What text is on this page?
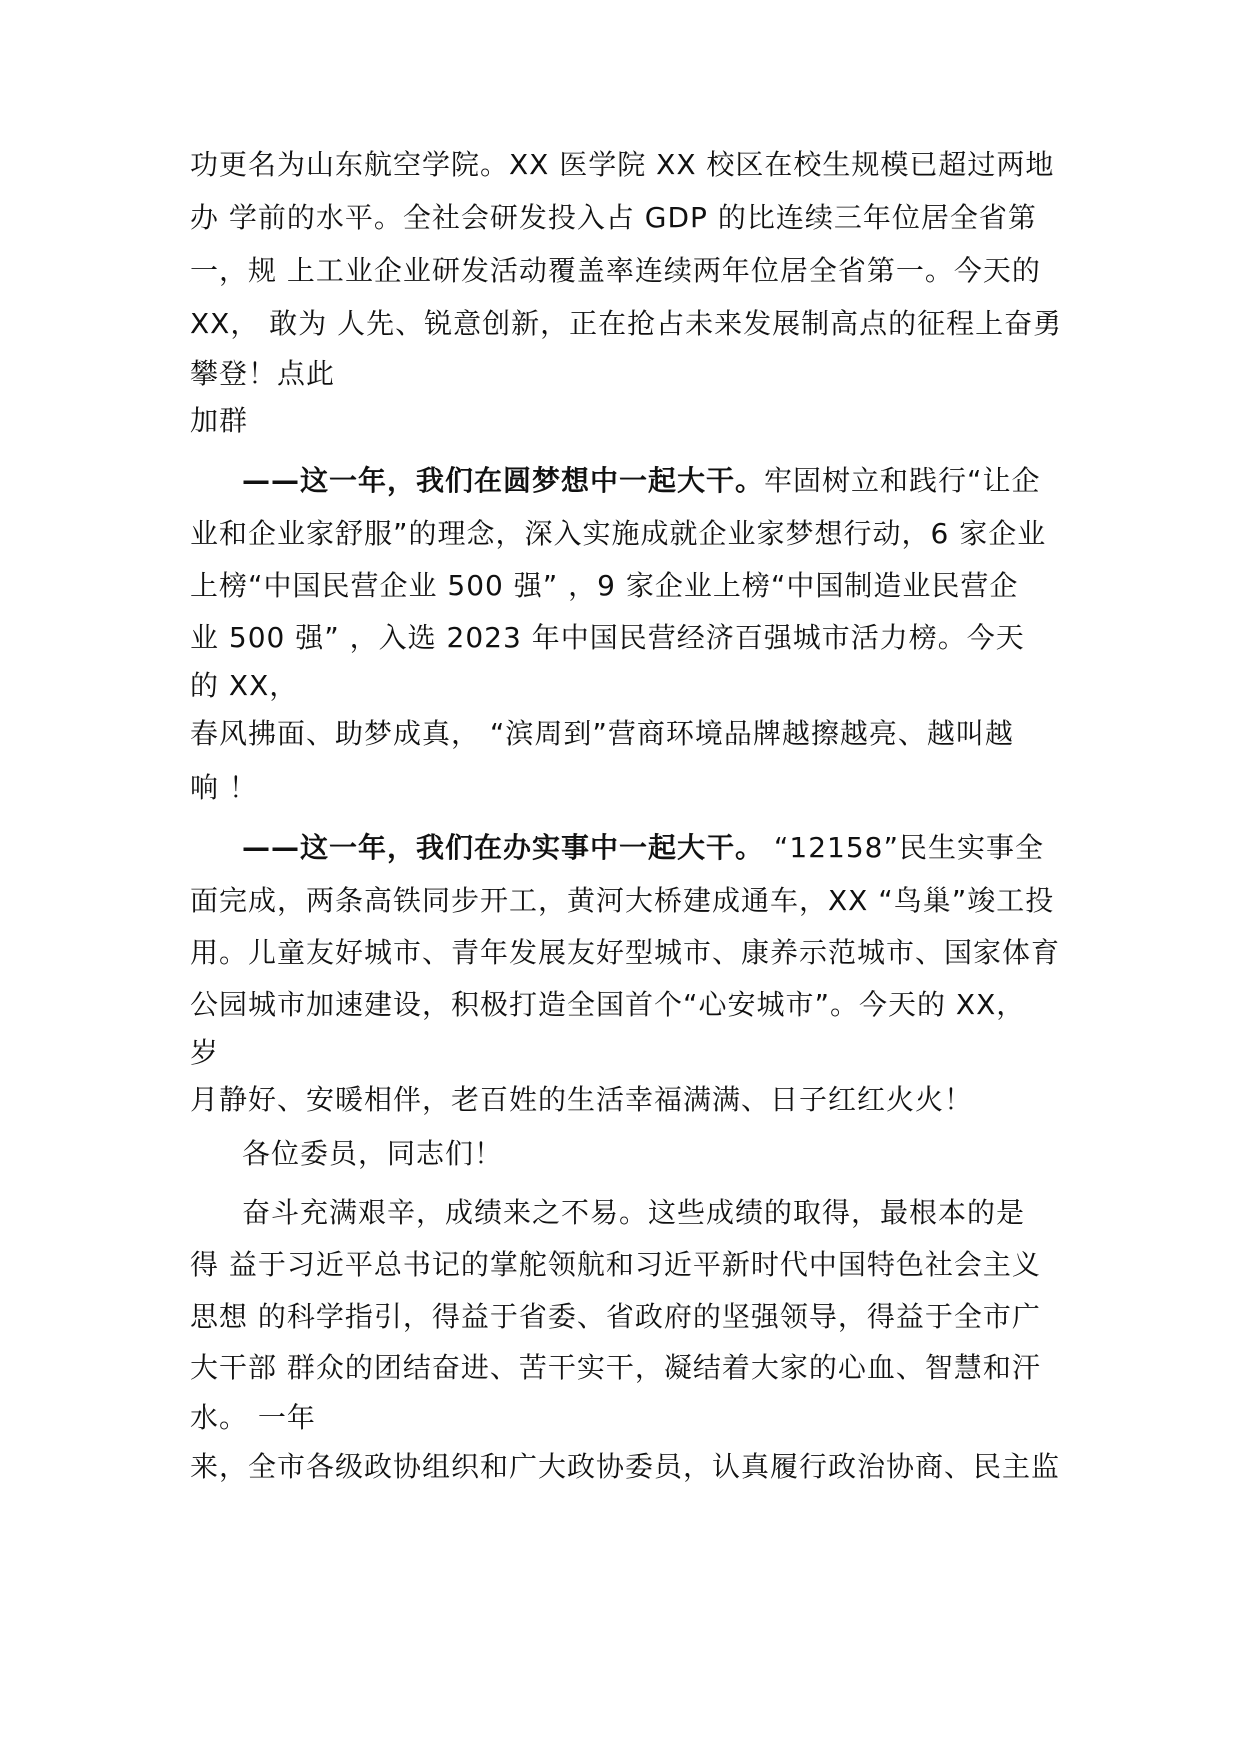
功更名为山东航空学院。XX 医学院 XX 校区在校生规模已超过两地
办 学前的水平。全社会研发投入占 GDP 的比连续三年位居全省第
一，规 上工业企业研发活动覆盖率连续两年位居全省第一。今天的
XX， 敢为 人先、锐意创新，正在抢占未来发展制高点的征程上奋勇
攀登！点此
加群
——这一年，我们在圆梦想中一起大干。牢固树立和践行“让企
业和企业家舒服”的理念，深入实施成就企业家梦想行动，6 家企业
上榜“中国民营企业 500 强” ，9 家企业上榜“中国制造业民营企
业 500 强” ，入选 2023 年中国民营经济百强城市活力榜。今天
的 XX，
春风拂面、助梦成真， “滨周到”营商环境品牌越擦越亮、越叫越
响 ！
——这一年，我们在办实事中一起大干。 “12158”民生实事全
面完成，两条高铁同步开工，黄河大桥建成通车，XX “鸟巢”竣工投
用。儿童友好城市、青年发展友好型城市、康养示范城市、国家体育
公园城市加速建设，积极打造全国首个“心安城市”。今天的 XX，
岁
月静好、安暖相伴，老百姓的生活幸福满满、日子红红火火！
各位委员，同志们！
奋斗充满艰辛，成绩来之不易。这些成绩的取得，最根本的是
得 益于习近平总书记的掌舵领航和习近平新时代中国特色社会主义
思想 的科学指引，得益于省委、省政府的坚强领导，得益于全市广
大干部 群众的团结奋进、苦干实干，凝结着大家的心血、智慧和汗
水。 一年
来，全市各级政协组织和广大政协委员，认真履行政治协商、民主监
